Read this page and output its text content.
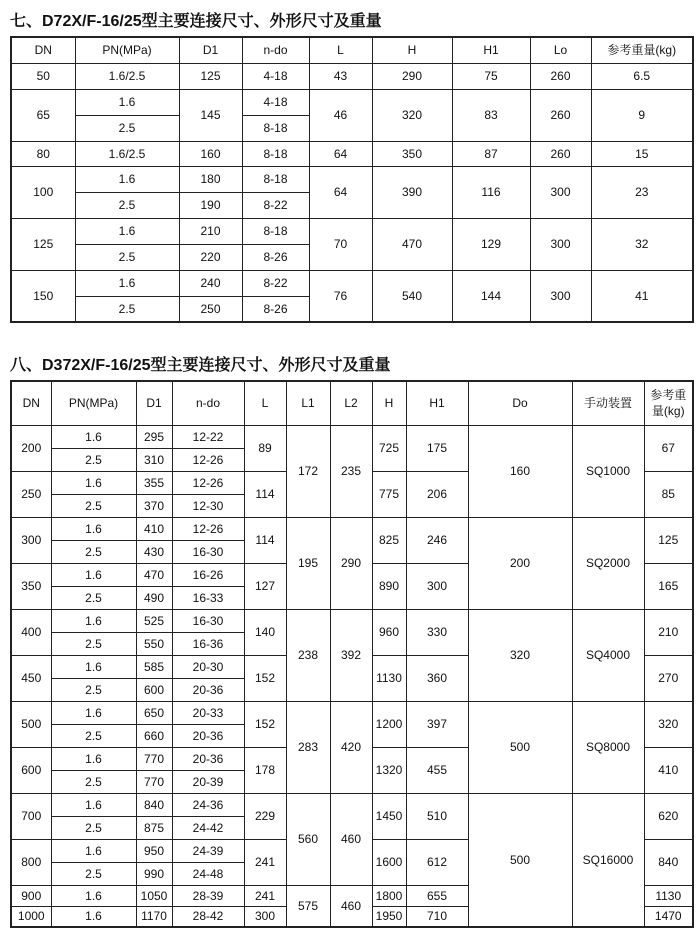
七、D72X/F-16/25型主要连接尺寸、外形尺寸及重量
DN	PN(MPa)	D1	n-do	L	H	H1	Lo	参考重量(kg)
50	1.6/2.5	125	4-18	43	290	75	260	6.5
65	1.6	145	4-18	46	320	83	260	9
	2.5		8-18					
80	1.6/2.5	160	8-18	64	350	87	260	15
100	1.6	180	8-18	64	390	116	300	23
	2.5	190	8-22					
125	1.6	210	8-18	70	470	129	300	32
	2.5	220	8-26					
150	1.6	240	8-22	76	540	144	300	41
	2.5	250	8-26					
八、D372X/F-16/25型主要连接尺寸、外形尺寸及重量
DN	PN(MPa)	D1	n-do	L	L1	L2	H	H1	Do	手动装置	参考重量(kg)
200	1.6	295	12-22	89	172	235	725	175	160	SQ1000	67
	2.5	310	12-26								
250	1.6	355	12-26	114			775	206			85
	2.5	370	12-30								
300	1.6	410	12-26	114	195	290	825	246	200	SQ2000	125
	2.5	430	16-30								
350	1.6	470	16-26	127			890	300			165
	2.5	490	16-33								
400	1.6	525	16-30	140	238	392	960	330	320	SQ4000	210
	2.5	550	16-36								
450	1.6	585	20-30	152			1130	360			270
	2.5	600	20-36								
500	1.6	650	20-33	152	283	420	1200	397	500	SQ8000	320
	2.5	660	20-36								
600	1.6	770	20-36	178			1320	455			410
	2.5	770	20-39								
700	1.6	840	24-36	229	560	460	1450	510	500	SQ16000	620
	2.5	875	24-42								
800	1.6	950	24-39	241			1600	612			840
	2.5	990	24-48								
900	1.6	1050	28-39	241	575	460	1800	655			1130
1000	1.6	1170	28-42	300			1950	710			1470
